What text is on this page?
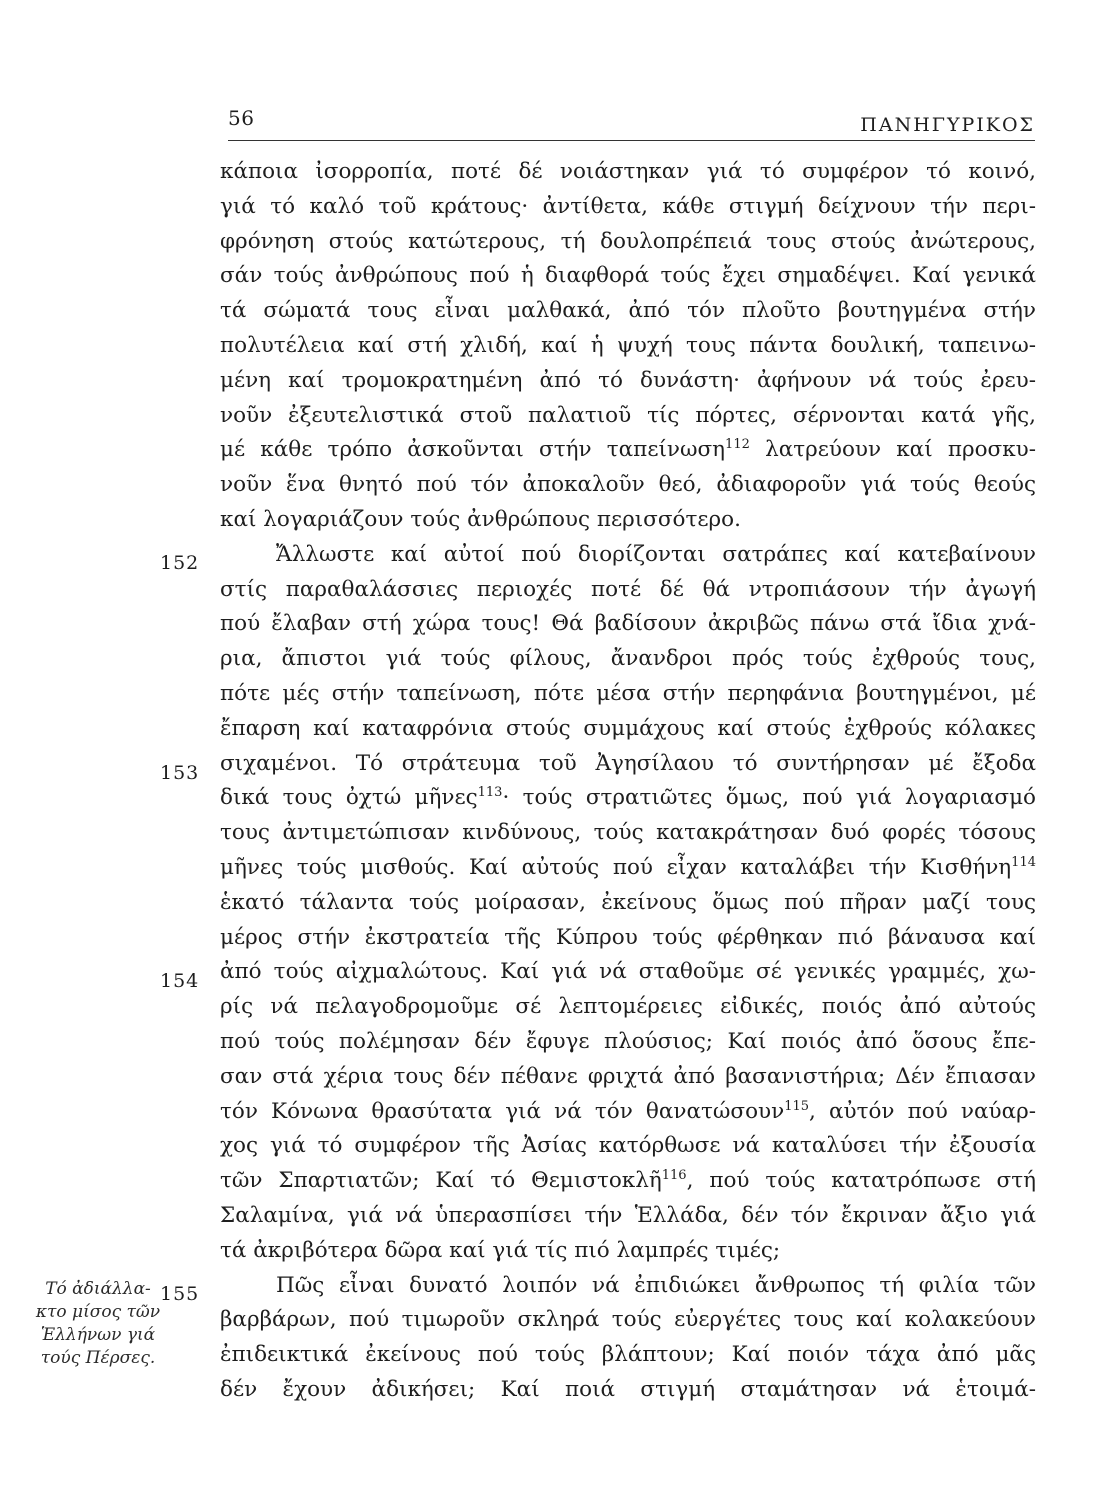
56	ΠΑΝΗΓΥΡΙΚΟΣ
152
153
154
155
Τό ἀδιάλλα-
κτο μίσος τῶν
Ἑλλήνων γιά
τούς Πέρσες.
κάποια ἰσορροπία, ποτέ δέ νοιάστηκαν γιά τό συμφέρον τό κοινό,
γιά τό καλό τοῦ κράτους· ἀντίθετα, κάθε στιγμή δείχνουν τήν περι-
φρόνηση στούς κατώτερους, τή δουλοπρέπειά τους στούς ἀνώτερους,
σάν τούς ἀνθρώπους πού ἡ διαφθορά τούς ἔχει σημαδέψει. Καί γενικά
τά σώματά τους εἶναι μαλθακά, ἀπό τόν πλοῦτο βουτηγμένα στήν
πολυτέλεια καί στή χλιδή, καί ἡ ψυχή τους πάντα δουλική, ταπεινω-
μένη καί τρομοκρατημένη ἀπό τό δυνάστη· ἀφήνουν νά τούς ἐρευ-
νοῦν ἐξευτελιστικά στοῦ παλατιοῦ τίς πόρτες, σέρνονται κατά γῆς,
μέ κάθε τρόπο ἀσκοῦνται στήν ταπείνωση$^{112}$ λατρεύουν καί προσκυ-
νοῦν ἕνα θνητό πού τόν ἀποκαλοῦν θεό, ἀδιαφοροῦν γιά τούς θεούς
καί λογαριάζουν τούς ἀνθρώπους περισσότερο.
Ἄλλωστε καί αὐτοί πού διορίζονται σατράπες καί κατεβαίνουν
στίς παραθαλάσσιες περιοχές ποτέ δέ θά ντροπιάσουν τήν ἀγωγή
πού ἔλαβαν στή χώρα τους! Θά βαδίσουν ἀκριβῶς πάνω στά ἴδια χνά-
ρια, ἄπιστοι γιά τούς φίλους, ἄνανδροι πρός τούς ἐχθρούς τους,
πότε μές στήν ταπείνωση, πότε μέσα στήν περηφάνια βουτηγμένοι, μέ
ἔπαρση καί καταφρόνια στούς συμμάχους καί στούς ἐχθρούς κόλακες
σιχαμένοι. Τό στράτευμα τοῦ Ἀγησίλαου τό συντήρησαν μέ ἔξοδα
δικά τους ὀχτώ μῆνες$^{113}$· τούς στρατιῶτες ὅμως, πού γιά λογαριασμό
τους ἀντιμετώπισαν κινδύνους, τούς κατακράτησαν δυό φορές τόσους
μῆνες τούς μισθούς. Καί αὐτούς πού εἶχαν καταλάβει τήν Κισθήνη$^{114}$
ἑκατό τάλαντα τούς μοίρασαν, ἐκείνους ὅμως πού πῆραν μαζί τους
μέρος στήν ἐκστρατεία τῆς Κύπρου τούς φέρθηκαν πιό βάναυσα καί
ἀπό τούς αἰχμαλώτους. Καί γιά νά σταθοῦμε σέ γενικές γραμμές, χω-
ρίς νά πελαγοδρομοῦμε σέ λεπτομέρειες εἰδικές, ποιός ἀπό αὐτούς
πού τούς πολέμησαν δέν ἔφυγε πλούσιος; Καί ποιός ἀπό ὅσους ἔπε-
σαν στά χέρια τους δέν πέθανε φριχτά ἀπό βασανιστήρια; Δέν ἔπιασαν
τόν Κόνωνα θρασύτατα γιά νά τόν θανατώσουν$^{115}$, αὐτόν πού ναύαρ-
χος γιά τό συμφέρον τῆς Ἀσίας κατόρθωσε νά καταλύσει τήν ἐξουσία
τῶν Σπαρτιατῶν; Καί τό Θεμιστοκλῆ$^{116}$, πού τούς κατατρόπωσε στή
Σαλαμίνα, γιά νά ὑπερασπίσει τήν Ἑλλάδα, δέν τόν ἔκριναν ἄξιο γιά
τά ἀκριβότερα δῶρα καί γιά τίς πιό λαμπρές τιμές;
Πῶς εἶναι δυνατό λοιπόν νά ἐπιδιώκει ἄνθρωπος τή φιλία τῶν
βαρβάρων, πού τιμωροῦν σκληρά τούς εὐεργέτες τους καί κολακεύουν
ἐπιδεικτικά ἐκείνους πού τούς βλάπτουν; Καί ποιόν τάχα ἀπό μᾶς
δέν ἔχουν ἀδικήσει; Καί ποιά στιγμή σταμάτησαν νά ἑτοιμά-
